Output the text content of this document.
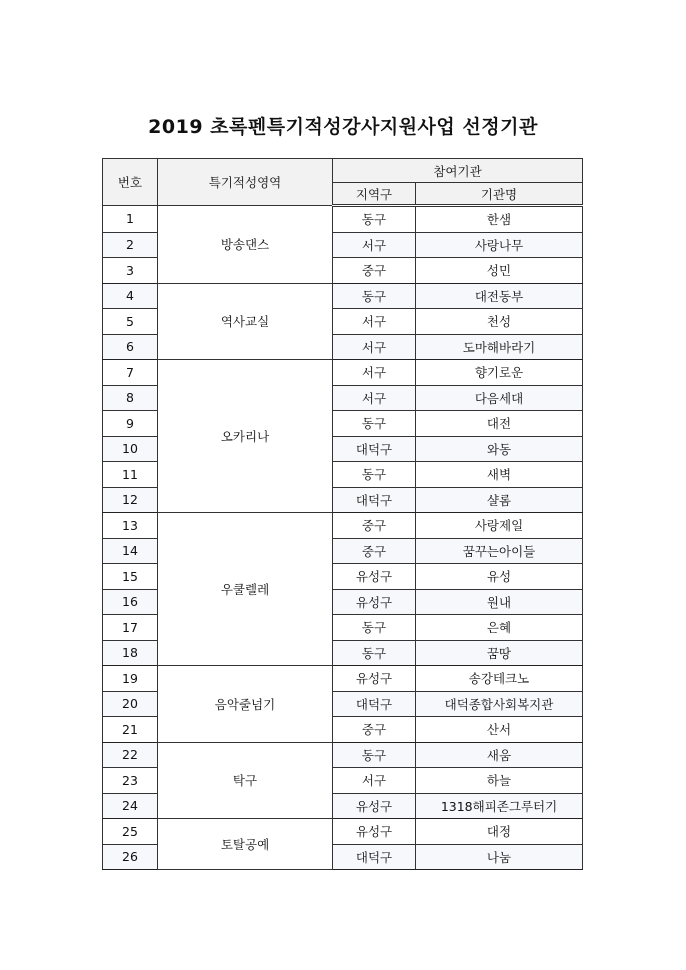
2019 초록펜특기적성강사지원사업 선정기관
번호	특기적성영역	참여기관	
		지역구	기관명
1	방송댄스	동구	한샘
2		서구	사랑나무
3		중구	성민
4	역사교실	동구	대전동부
5		서구	천성
6		서구	도마해바라기
7	오카리나	서구	향기로운
8		서구	다음세대
9		동구	대전
10		대덕구	와동
11		동구	새벽
12		대덕구	샬롬
13	우쿨렐레	중구	사랑제일
14		중구	꿈꾸는아이들
15		유성구	유성
16		유성구	원내
17		동구	은혜
18		동구	꿈땅
19	음악줄넘기	유성구	송강테크노
20		대덕구	대덕종합사회복지관
21		중구	산서
22	탁구	동구	새움
23		서구	하늘
24		유성구	1318해피존그루터기
25	토탈공예	유성구	대정
26		대덕구	나눔
